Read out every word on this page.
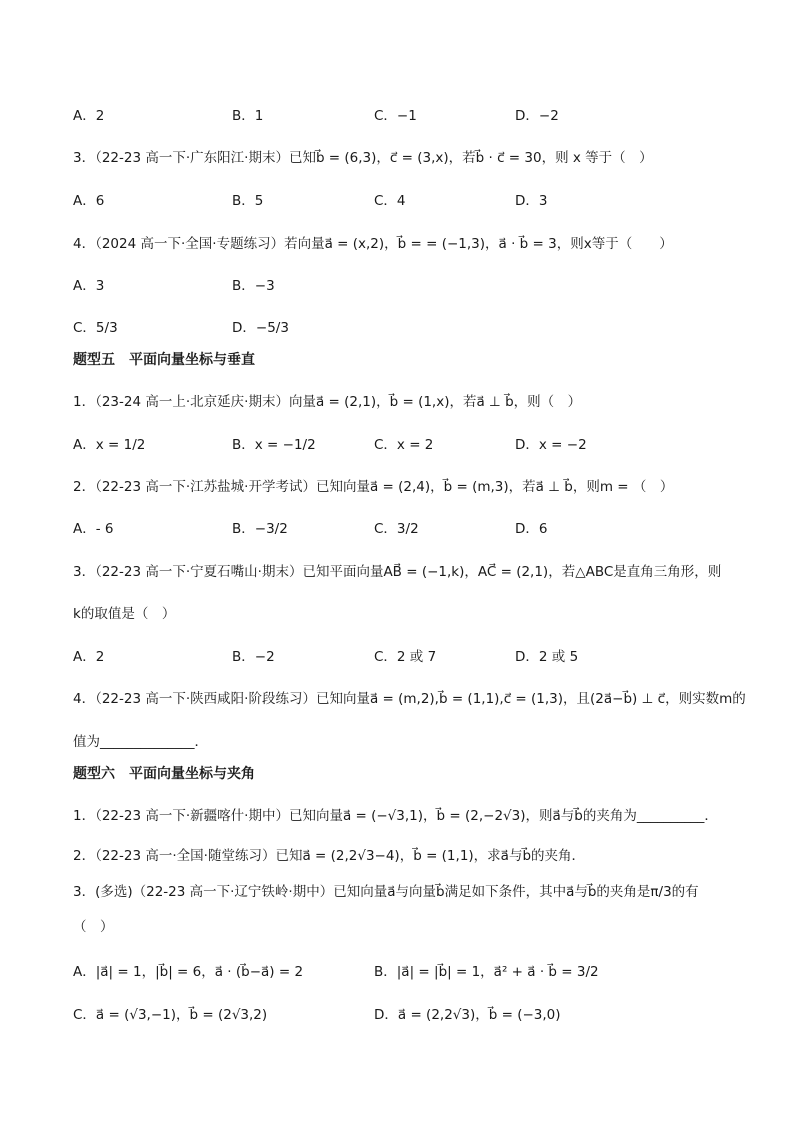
A．2	B．1	C．−1	D．−2
3．（22-23 高一下·广东阳江·期末）已知b⃗ = (6,3)，c⃗ = (3,x)，若b⃗ · c⃗ = 30，则 x 等于（　）
A．6	B．5	C．4	D．3
4．（2024 高一下·全国·专题练习）若向量a⃗ = (x,2)，b⃗ = = (−1,3)，a⃗ · b⃗ = 3，则x等于（　　）
A．3	B．−3
C．5/3	D．−5/3
题型五　平面向量坐标与垂直
1．（23-24 高一上·北京延庆·期末）向量a⃗ = (2,1)，b⃗ = (1,x)，若a⃗ ⊥ b⃗，则（　）
A．x = 1/2	B．x = −1/2	C．x = 2	D．x = −2
2．（22-23 高一下·江苏盐城·开学考试）已知向量a⃗ = (2,4)，b⃗ = (m,3)，若a⃗ ⊥ b⃗，则m = （　）
A．- 6	B．−3/2	C．3/2	D．6
3．（22-23 高一下·宁夏石嘴山·期末）已知平面向量AB⃗ = (−1,k)，AC⃗ = (2,1)，若△ABC是直角三角形，则
k的取值是（　）
A．2	B．−2	C．2 或 7	D．2 或 5
4．（22-23 高一下·陕西咸阳·阶段练习）已知向量a⃗ = (m,2),b⃗ = (1,1),c⃗ = (1,3)，且(2a⃗−b⃗) ⊥ c⃗，则实数m的
值为______________．
题型六　平面向量坐标与夹角
1．（22-23 高一下·新疆喀什·期中）已知向量a⃗ = (−√3,1)，b⃗ = (2,−2√3)，则a⃗与b⃗的夹角为__________．
2．（22-23 高一·全国·随堂练习）已知a⃗ = (2,2√3−4)，b⃗ = (1,1)，求a⃗与b⃗的夹角．
3．(多选)（22-23 高一下·辽宁铁岭·期中）已知向量a⃗与向量b⃗满足如下条件，其中a⃗与b⃗的夹角是π/3的有
（　）
A．|a⃗| = 1，|b⃗| = 6，a⃗ · (b⃗−a⃗) = 2	B．|a⃗| = |b⃗| = 1，a⃗² + a⃗ · b⃗ = 3/2
C．a⃗ = (√3,−1)，b⃗ = (2√3,2)	D．a⃗ = (2,2√3)，b⃗ = (−3,0)
